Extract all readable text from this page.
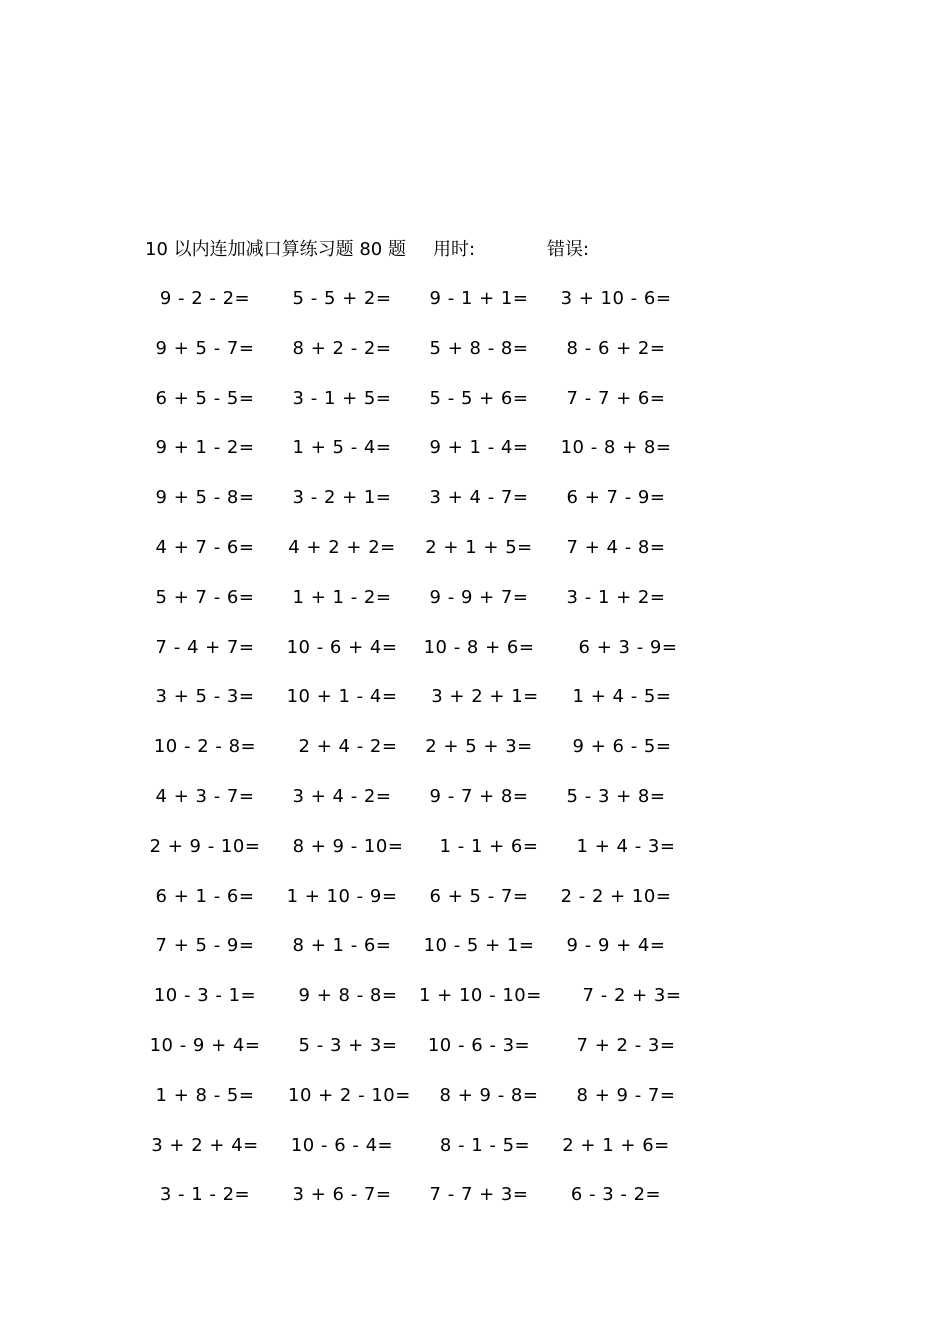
10 以内连加减口算练习题 80 题 用时:	错误:
9 - 2 - 2=	5 - 5 + 2=	9 - 1 + 1=	3 + 10 - 6=
9 + 5 - 7=	8 + 2 - 2=	5 + 8 - 8=	8 - 6 + 2=
6 + 5 - 5=	3 - 1 + 5=	5 - 5 + 6=	7 - 7 + 6=
9 + 1 - 2=	1 + 5 - 4=	9 + 1 - 4=	10 - 8 + 8=
9 + 5 - 8=	3 - 2 + 1=	3 + 4 - 7=	6 + 7 - 9=
4 + 7 - 6=	4 + 2 + 2=	2 + 1 + 5=	7 + 4 - 8=
5 + 7 - 6=	1 + 1 - 2=	9 - 9 + 7=	3 - 1 + 2=
7 - 4 + 7=	10 - 6 + 4= 10 - 8 + 6=	6 + 3 - 9=
3 + 5 - 3=	10 + 1 - 4=	3 + 2 + 1=	1 + 4 - 5=
10 - 2 - 8=	2 + 4 - 2=	2 + 5 + 3=	9 + 6 - 5=
4 + 3 - 7=	3 + 4 - 2=	9 - 7 + 8=	5 - 3 + 8=
2 + 9 - 10= 8 + 9 - 10=	1 - 1 + 6=	1 + 4 - 3=
6 + 1 - 6=	1 + 10 - 9=	6 + 5 - 7=	2 - 2 + 10=
7 + 5 - 9=	8 + 1 - 6=	10 - 5 + 1=	9 - 9 + 4=
10 - 3 - 1=	9 + 8 - 8=	1 + 10 - 10=	7 - 2 + 3=
10 - 9 + 4=	5 - 3 + 3=	10 - 6 - 3=	7 + 2 - 3=
1 + 8 - 5=	10 + 2 - 10=	8 + 9 - 8=	8 + 9 - 7=
3 + 2 + 4=	10 - 6 - 4=	8 - 1 - 5=	2 + 1 + 6=
3 - 1 - 2=	3 + 6 - 7=	7 - 7 + 3=	6 - 3 - 2=
